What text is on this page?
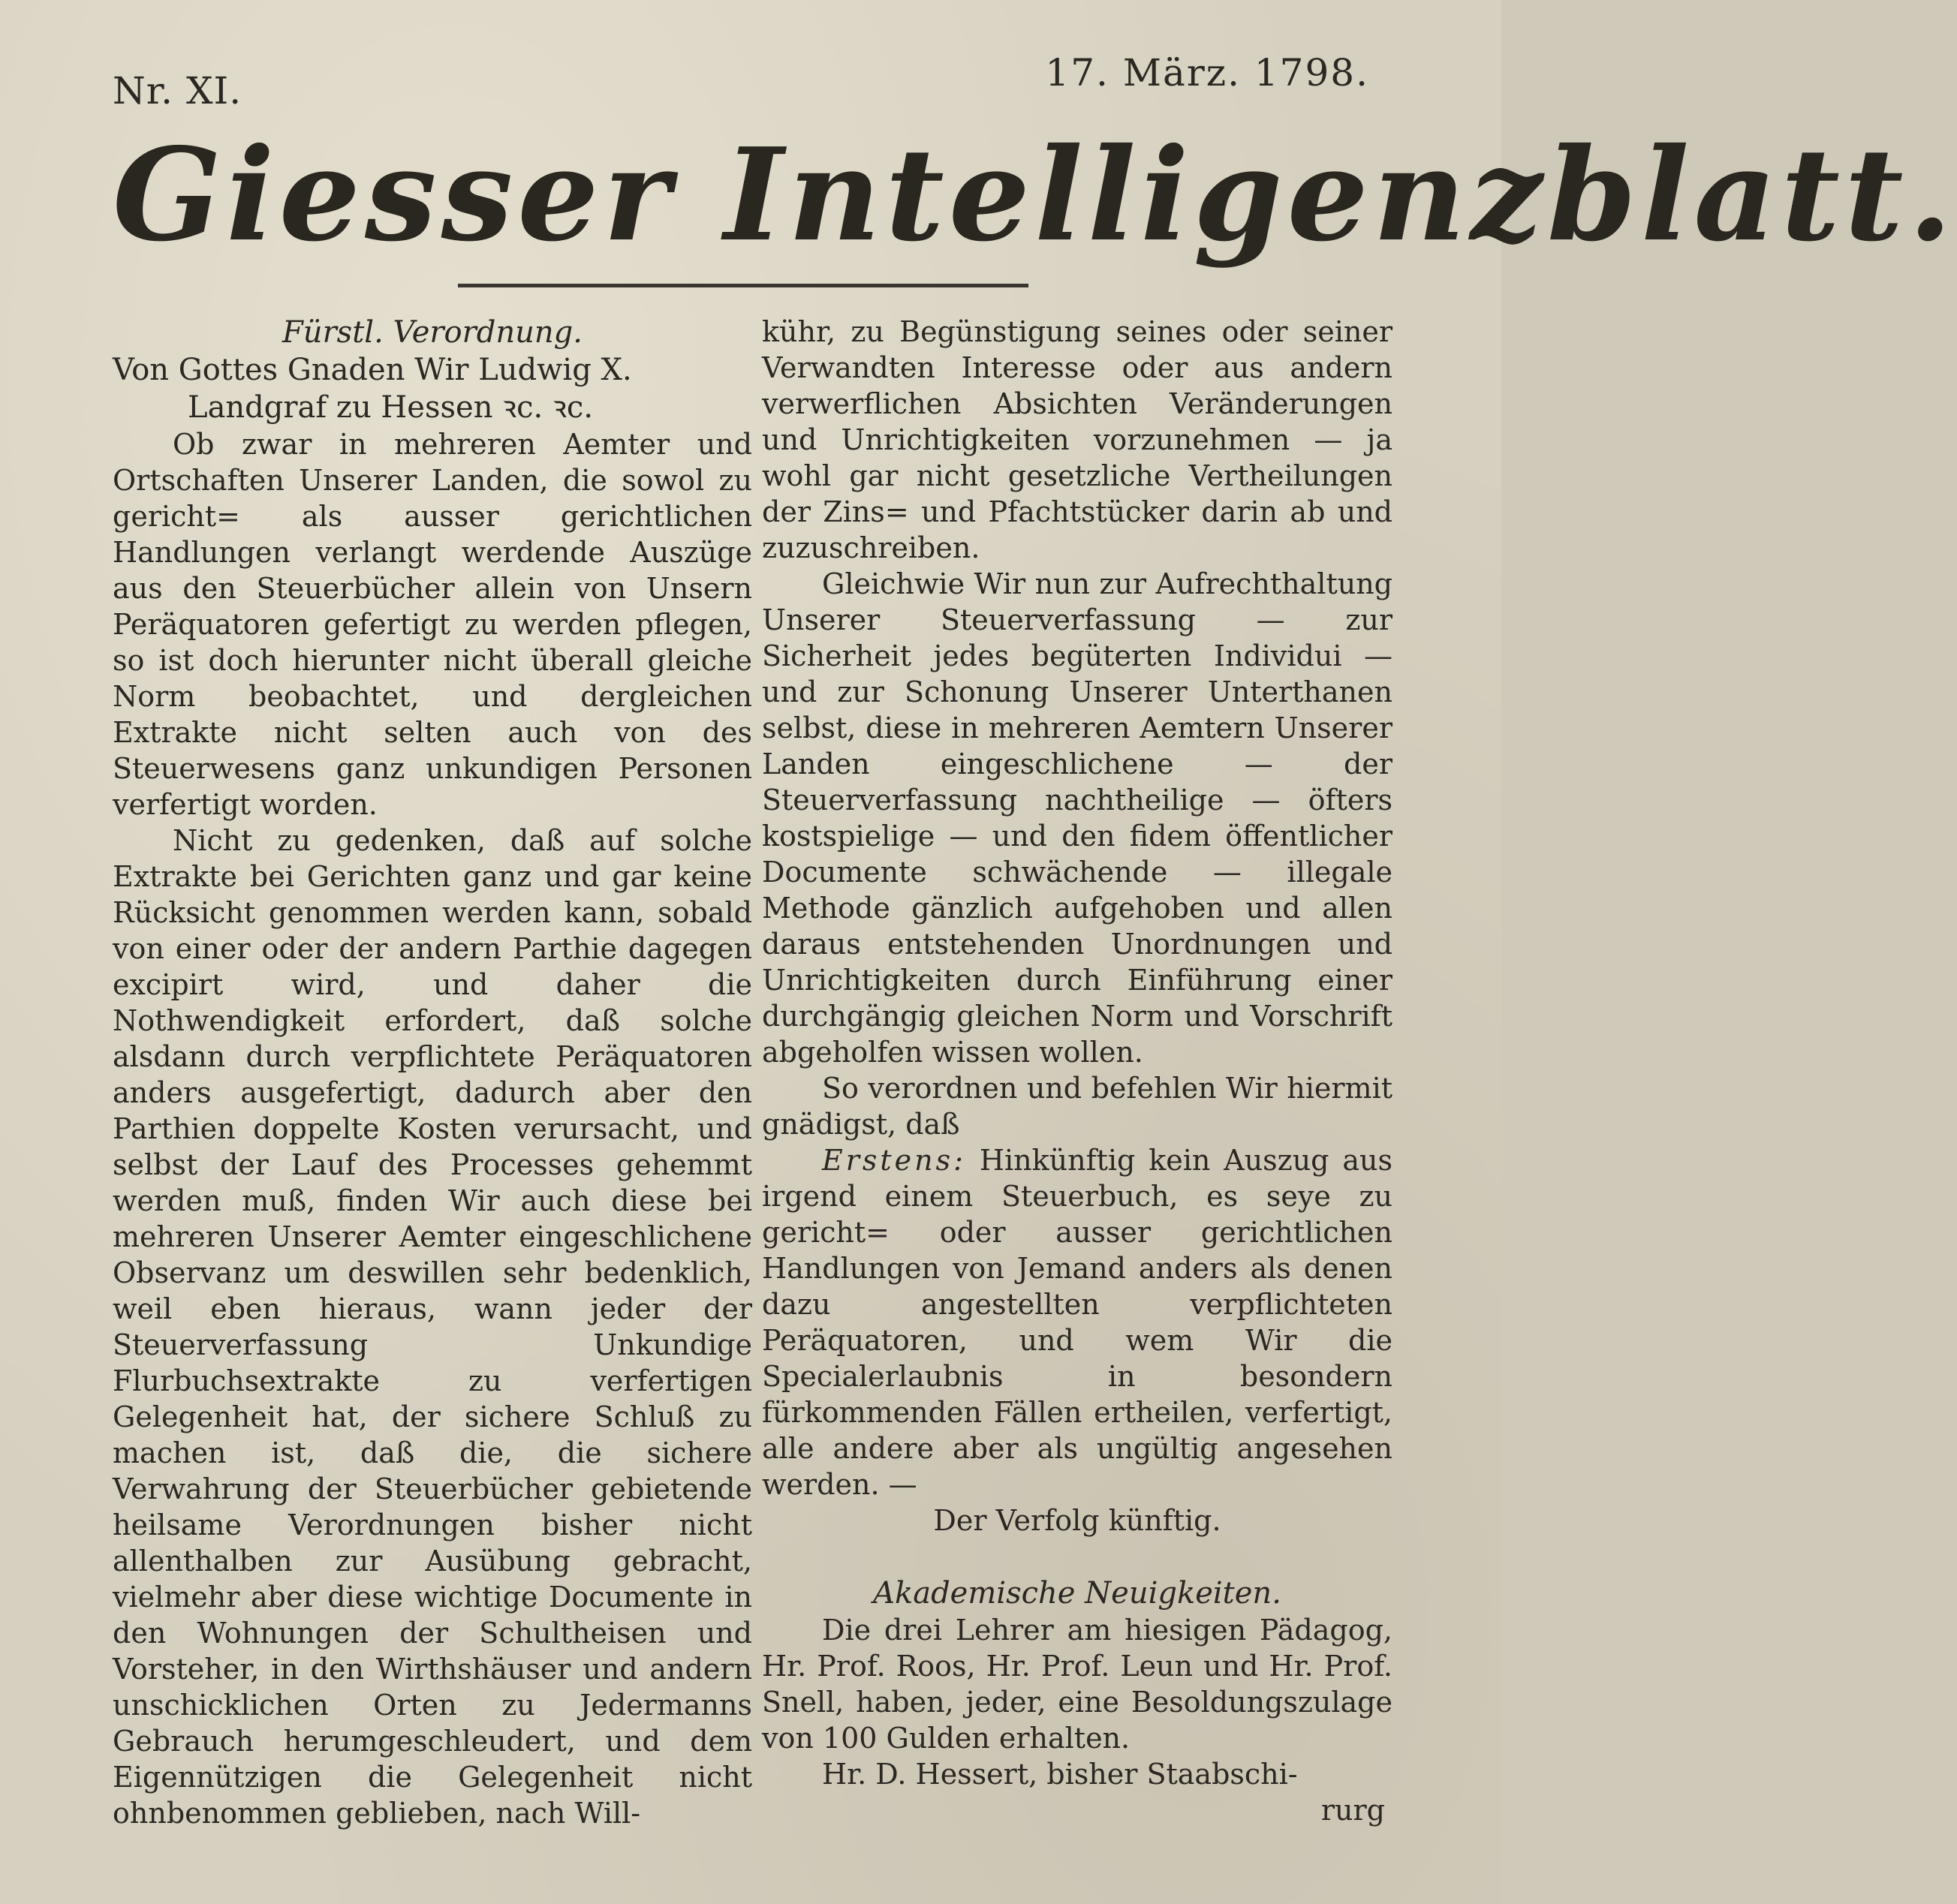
Nr. XI.	17. März. 1798.
Giesser Intelligenzblatt.

Fürstl. Verordnung.

Von Gottes Gnaden Wir Ludwig X.

Landgraf zu Hessen ꝛc. ꝛc.

Ob zwar in mehreren Aemter und Ortschaften Unserer Landen, die sowol zu gericht= als ausser gerichtlichen Handlungen verlangt werdende Auszüge aus den Steuerbücher allein von Unsern Peräquatoren gefertigt zu werden pflegen, so ist doch hierunter nicht überall gleiche Norm beobachtet, und dergleichen Extrakte nicht selten auch von des Steuerwesens ganz unkundigen Personen verfertigt worden.

Nicht zu gedenken, daß auf solche Extrakte bei Gerichten ganz und gar keine Rücksicht genommen werden kann, sobald von einer oder der andern Parthie dagegen excipirt wird, und daher die Nothwendigkeit erfordert, daß solche alsdann durch verpflichtete Peräquatoren anders ausgefertigt, dadurch aber den Parthien doppelte Kosten verursacht, und selbst der Lauf des Processes gehemmt werden muß, finden Wir auch diese bei mehreren Unserer Aemter eingeschlichene Observanz um deswillen sehr bedenklich, weil eben hieraus, wann jeder der Steuerverfassung Unkundige Flurbuchsextrakte zu verfertigen Gelegenheit hat, der sichere Schluß zu machen ist, daß die, die sichere Verwahrung der Steuerbücher gebietende heilsame Verordnungen bisher nicht allenthalben zur Ausübung gebracht, vielmehr aber diese wichtige Documente in den Wohnungen der Schultheisen und Vorsteher, in den Wirthshäuser und andern unschicklichen Orten zu Jedermanns Gebrauch herumgeschleudert, und dem Eigennützigen die Gelegenheit nicht ohnbenommen geblieben, nach Will-

kühr, zu Begünstigung seines oder seiner Verwandten Interesse oder aus andern verwerflichen Absichten Veränderungen und Unrichtigkeiten vorzunehmen — ja wohl gar nicht gesetzliche Vertheilungen der Zins= und Pfachtstücker darin ab und zuzuschreiben.

Gleichwie Wir nun zur Aufrechthaltung Unserer Steuerverfassung — zur Sicherheit jedes begüterten Individui — und zur Schonung Unserer Unterthanen selbst, diese in mehreren Aemtern Unserer Landen eingeschlichene — der Steuerverfassung nachtheilige — öfters kostspielige — und den fidem öffentlicher Documente schwächende — illegale Methode gänzlich aufgehoben und allen daraus entstehenden Unordnungen und Unrichtigkeiten durch Einführung einer durchgängig gleichen Norm und Vorschrift abgeholfen wissen wollen.

So verordnen und befehlen Wir hiermit gnädigst, daß

Erstens: Hinkünftig kein Auszug aus irgend einem Steuerbuch, es seye zu gericht= oder ausser gerichtlichen Handlungen von Jemand anders als denen dazu angestellten verpflichteten Peräquatoren, und wem Wir die Specialerlaubnis in besondern fürkommenden Fällen ertheilen, verfertigt, alle andere aber als ungültig angesehen werden. —

Der Verfolg künftig.

Akademische Neuigkeiten.

Die drei Lehrer am hiesigen Pädagog, Hr. Prof. Roos, Hr. Prof. Leun und Hr. Prof. Snell, haben, jeder, eine Besoldungszulage von 100 Gulden erhalten.

Hr. D. Hessert, bisher Staabschi-

rurg
